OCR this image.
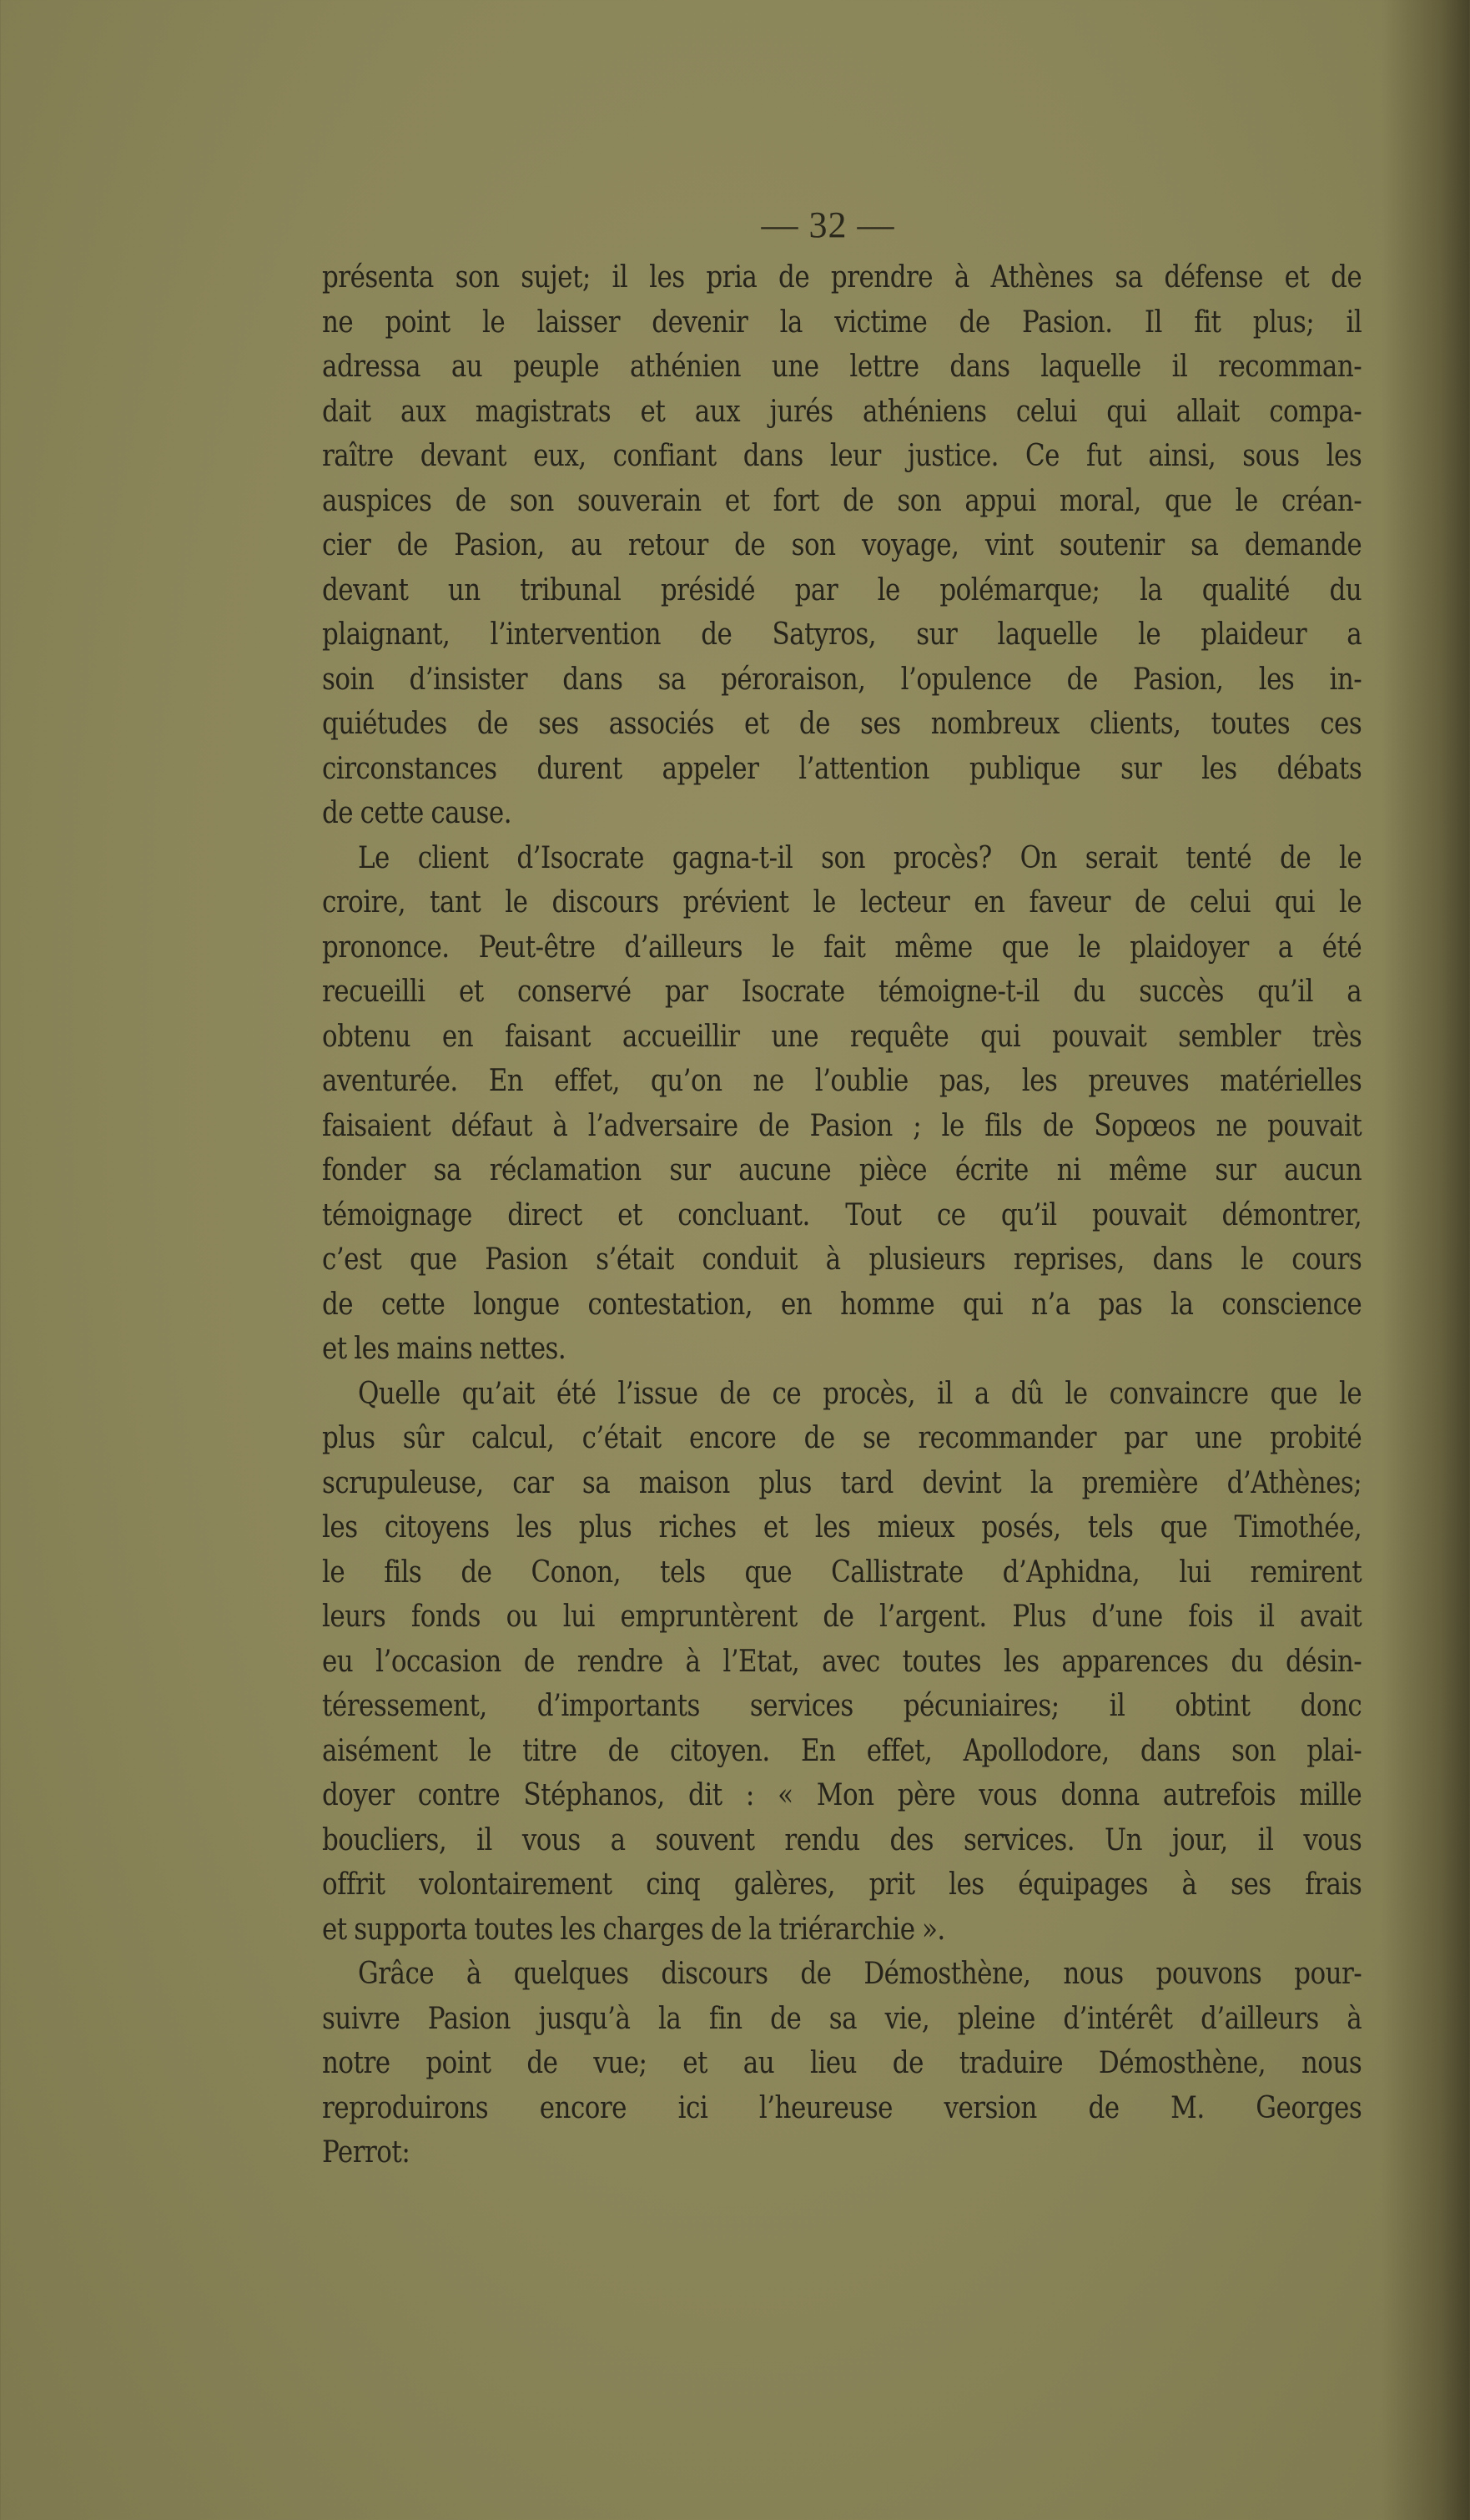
— 32 —
présenta son sujet; il les pria de prendre à Athènes sa défense et de
ne point le laisser devenir la victime de Pasion. Il fit plus; il
adressa au peuple athénien une lettre dans laquelle il recomman-
dait aux magistrats et aux jurés athéniens celui qui allait compa-
raître devant eux, confiant dans leur justice. Ce fut ainsi, sous les
auspices de son souverain et fort de son appui moral, que le créan-
cier de Pasion, au retour de son voyage, vint soutenir sa demande
devant un tribunal présidé par le polémarque; la qualité du
plaignant, l’intervention de Satyros, sur laquelle le plaideur a
soin d’insister dans sa péroraison, l’opulence de Pasion, les in-
quiétudes de ses associés et de ses nombreux clients, toutes ces
circonstances durent appeler l’attention publique sur les débats
de cette cause.
Le client d’Isocrate gagna-t-il son procès? On serait tenté de le
croire, tant le discours prévient le lecteur en faveur de celui qui le
prononce. Peut-être d’ailleurs le fait même que le plaidoyer a été
recueilli et conservé par Isocrate témoigne-t-il du succès qu’il a
obtenu en faisant accueillir une requête qui pouvait sembler très
aventurée. En effet, qu’on ne l’oublie pas, les preuves matérielles
faisaient défaut à l’adversaire de Pasion ; le fils de Sopœos ne pouvait
fonder sa réclamation sur aucune pièce écrite ni même sur aucun
témoignage direct et concluant. Tout ce qu’il pouvait démontrer,
c’est que Pasion s’était conduit à plusieurs reprises, dans le cours
de cette longue contestation, en homme qui n’a pas la conscience
et les mains nettes.
Quelle qu’ait été l’issue de ce procès, il a dû le convaincre que le
plus sûr calcul, c’était encore de se recommander par une probité
scrupuleuse, car sa maison plus tard devint la première d’Athènes;
les citoyens les plus riches et les mieux posés, tels que Timothée,
le fils de Conon, tels que Callistrate d’Aphidna, lui remirent
leurs fonds ou lui empruntèrent de l’argent. Plus d’une fois il avait
eu l’occasion de rendre à l’Etat, avec toutes les apparences du désin-
téressement, d’importants services pécuniaires; il obtint donc
aisément le titre de citoyen. En effet, Apollodore, dans son plai-
doyer contre Stéphanos, dit : « Mon père vous donna autrefois mille
boucliers, il vous a souvent rendu des services. Un jour, il vous
offrit volontairement cinq galères, prit les équipages à ses frais
et supporta toutes les charges de la triérarchie ».
Grâce à quelques discours de Démosthène, nous pouvons pour-
suivre Pasion jusqu’à la fin de sa vie, pleine d’intérêt d’ailleurs à
notre point de vue; et au lieu de traduire Démosthène, nous
reproduirons encore ici l’heureuse version de M. Georges
Perrot:
